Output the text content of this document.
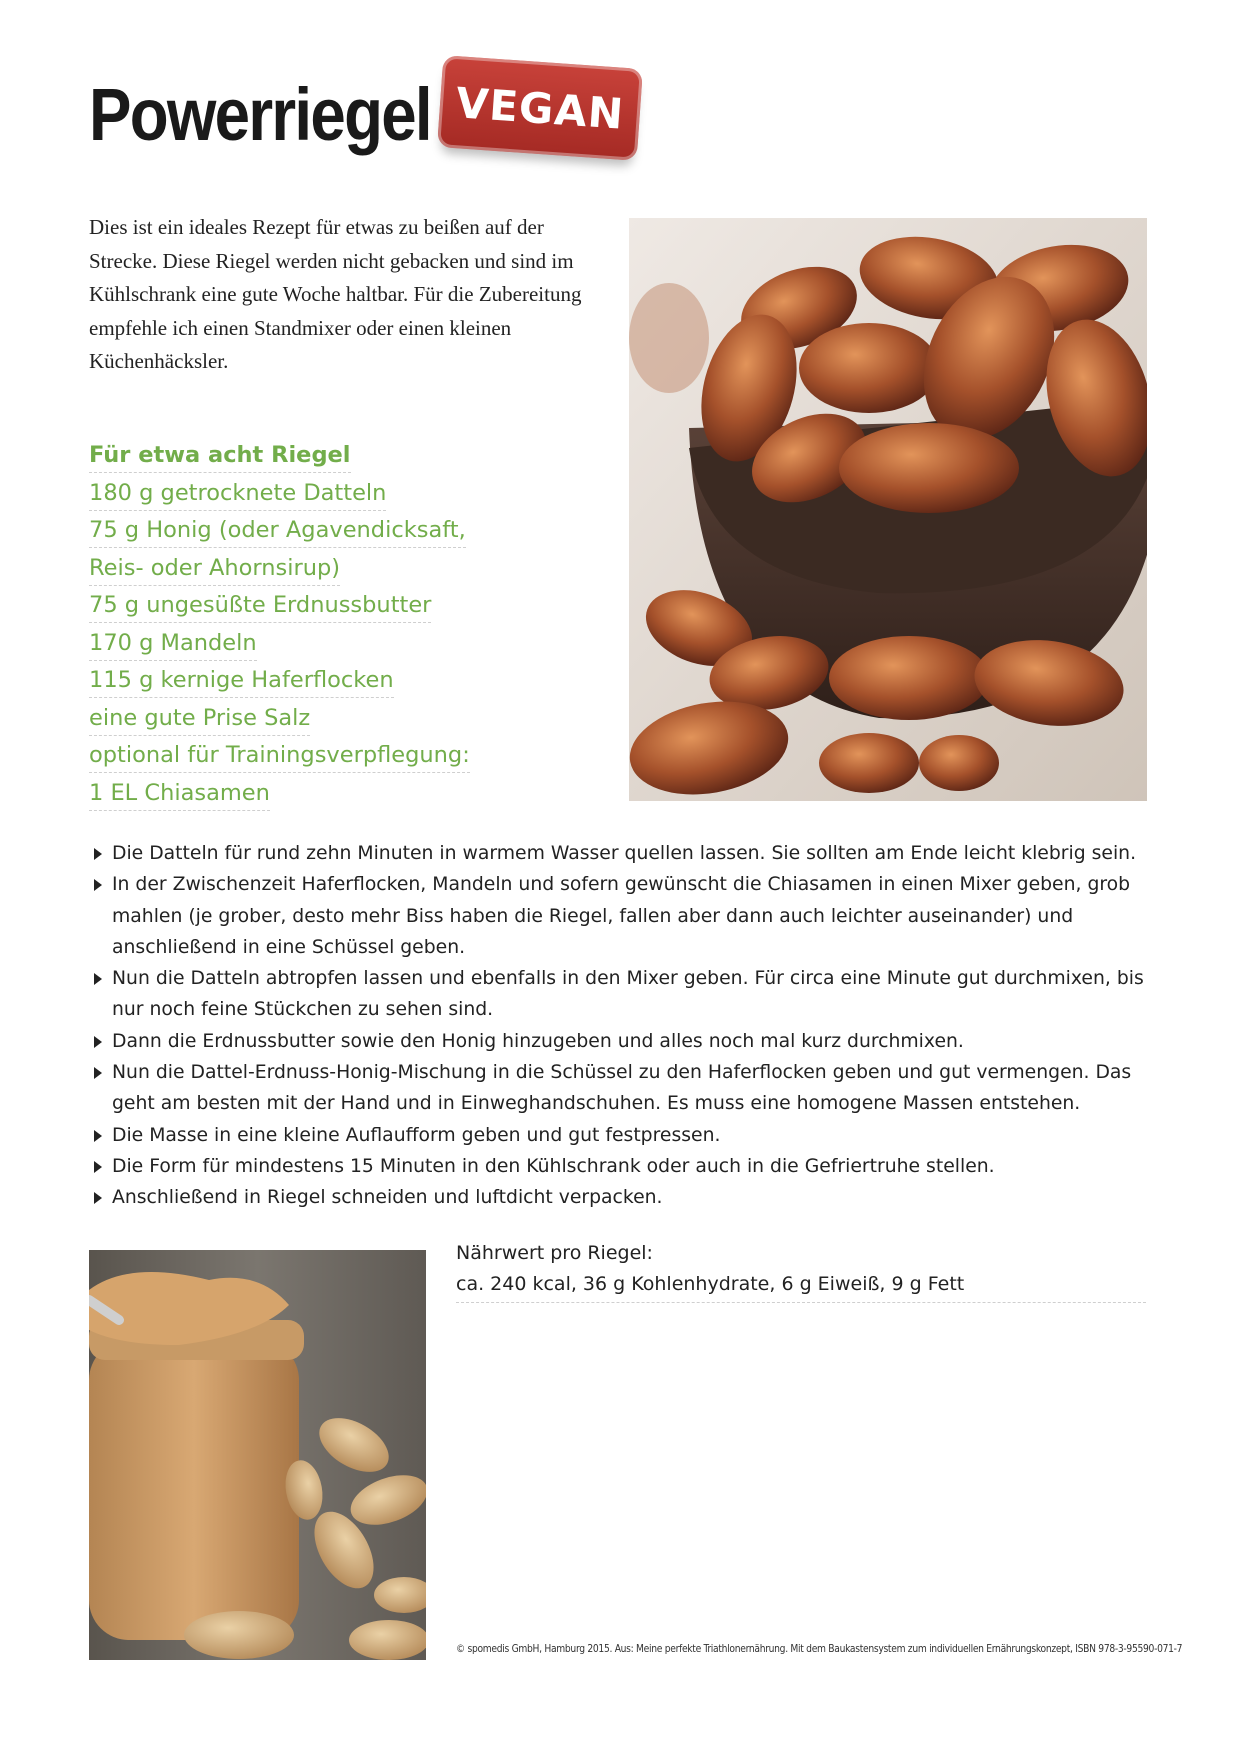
Powerriegel VEGAN

Dies ist ein ideales Rezept für etwas zu beißen auf der Strecke. Diese Riegel werden nicht gebacken und sind im Kühlschrank eine gute Woche haltbar. Für die Zubereitung empfehle ich einen Standmixer oder einen kleinen Küchenhäcksler.

Für etwa acht Riegel
180 g getrocknete Datteln
75 g Honig (oder Agavendicksaft,
Reis- oder Ahornsirup)
75 g ungesüßte Erdnussbutter
170 g Mandeln
115 g kernige Haferflocken
eine gute Prise Salz
optional für Trainingsverpflegung:
1 EL Chiasamen
Die Datteln für rund zehn Minuten in warmem Wasser quellen lassen. Sie sollten am Ende leicht klebrig sein.
In der Zwischenzeit Haferflocken, Mandeln und sofern gewünscht die Chiasamen in einen Mixer geben, grob mahlen (je grober, desto mehr Biss haben die Riegel, fallen aber dann auch leichter auseinander) und anschließend in eine Schüssel geben.
Nun die Datteln abtropfen lassen und ebenfalls in den Mixer geben. Für circa eine Minute gut durchmixen, bis nur noch feine Stückchen zu sehen sind.
Dann die Erdnussbutter sowie den Honig hinzugeben und alles noch mal kurz durchmixen.
Nun die Dattel-Erdnuss-Honig-Mischung in die Schüssel zu den Haferflocken geben und gut vermengen. Das geht am besten mit der Hand und in Einweghandschuhen. Es muss eine homogene Massen entstehen.
Die Masse in eine kleine Auflaufform geben und gut festpressen.
Die Form für mindestens 15 Minuten in den Kühlschrank oder auch in die Gefriertruhe stellen.
Anschließend in Riegel schneiden und luftdicht verpacken.
Nährwert pro Riegel:
ca. 240 kcal, 36 g Kohlenhydrate, 6 g Eiweiß, 9 g Fett
© spomedis GmbH, Hamburg 2015. Aus: Meine perfekte Triathlonernährung. Mit dem Baukastensystem zum individuellen Ernährungskonzept, ISBN 978-3-95590-071-7
